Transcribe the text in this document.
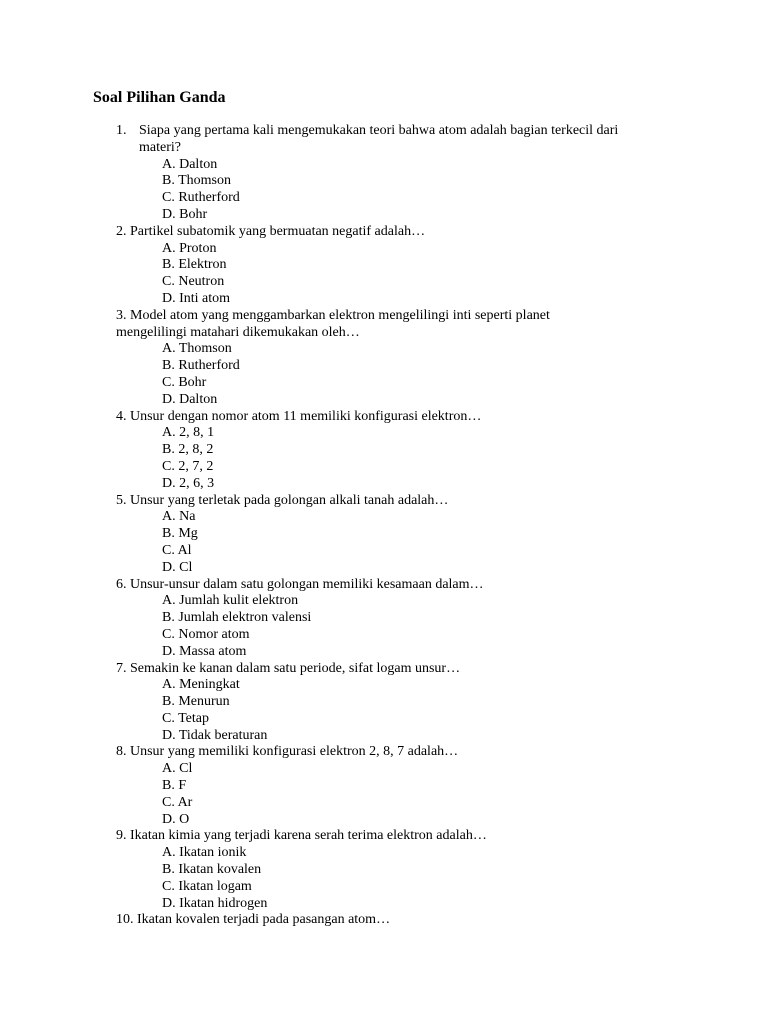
Soal Pilihan Ganda
1. Siapa yang pertama kali mengemukakan teori bahwa atom adalah bagian terkecil dari
materi?
A. Dalton
B. Thomson
C. Rutherford
D. Bohr
2. Partikel subatomik yang bermuatan negatif adalah…
A. Proton
B. Elektron
C. Neutron
D. Inti atom
3. Model atom yang menggambarkan elektron mengelilingi inti seperti planet
mengelilingi matahari dikemukakan oleh…
A. Thomson
B. Rutherford
C. Bohr
D. Dalton
4. Unsur dengan nomor atom 11 memiliki konfigurasi elektron…
A. 2, 8, 1
B. 2, 8, 2
C. 2, 7, 2
D. 2, 6, 3
5. Unsur yang terletak pada golongan alkali tanah adalah…
A. Na
B. Mg
C. Al
D. Cl
6. Unsur-unsur dalam satu golongan memiliki kesamaan dalam…
A. Jumlah kulit elektron
B. Jumlah elektron valensi
C. Nomor atom
D. Massa atom
7. Semakin ke kanan dalam satu periode, sifat logam unsur…
A. Meningkat
B. Menurun
C. Tetap
D. Tidak beraturan
8. Unsur yang memiliki konfigurasi elektron 2, 8, 7 adalah…
A. Cl
B. F
C. Ar
D. O
9. Ikatan kimia yang terjadi karena serah terima elektron adalah…
A. Ikatan ionik
B. Ikatan kovalen
C. Ikatan logam
D. Ikatan hidrogen
10. Ikatan kovalen terjadi pada pasangan atom…
